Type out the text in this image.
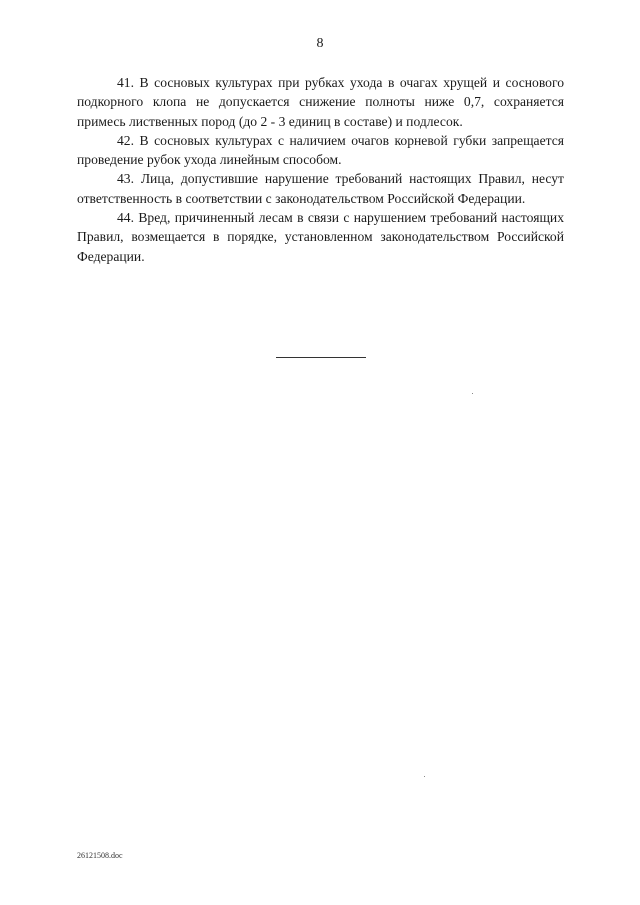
8

41. В сосновых культурах при рубках ухода в очагах хрущей и соснового подкорного клопа не допускается снижение полноты ниже 0,7, сохраняется примесь лиственных пород (до 2 - 3 единиц в составе) и подлесок.

42. В сосновых культурах с наличием очагов корневой губки запрещается проведение рубок ухода линейным способом.

43. Лица, допустившие нарушение требований настоящих Правил, несут ответственность в соответствии с законодательством Российской Федерации.

44. Вред, причиненный лесам в связи с нарушением требований настоящих Правил, возмещается в порядке, установленном законодательством Российской Федерации.

26121508.doc
